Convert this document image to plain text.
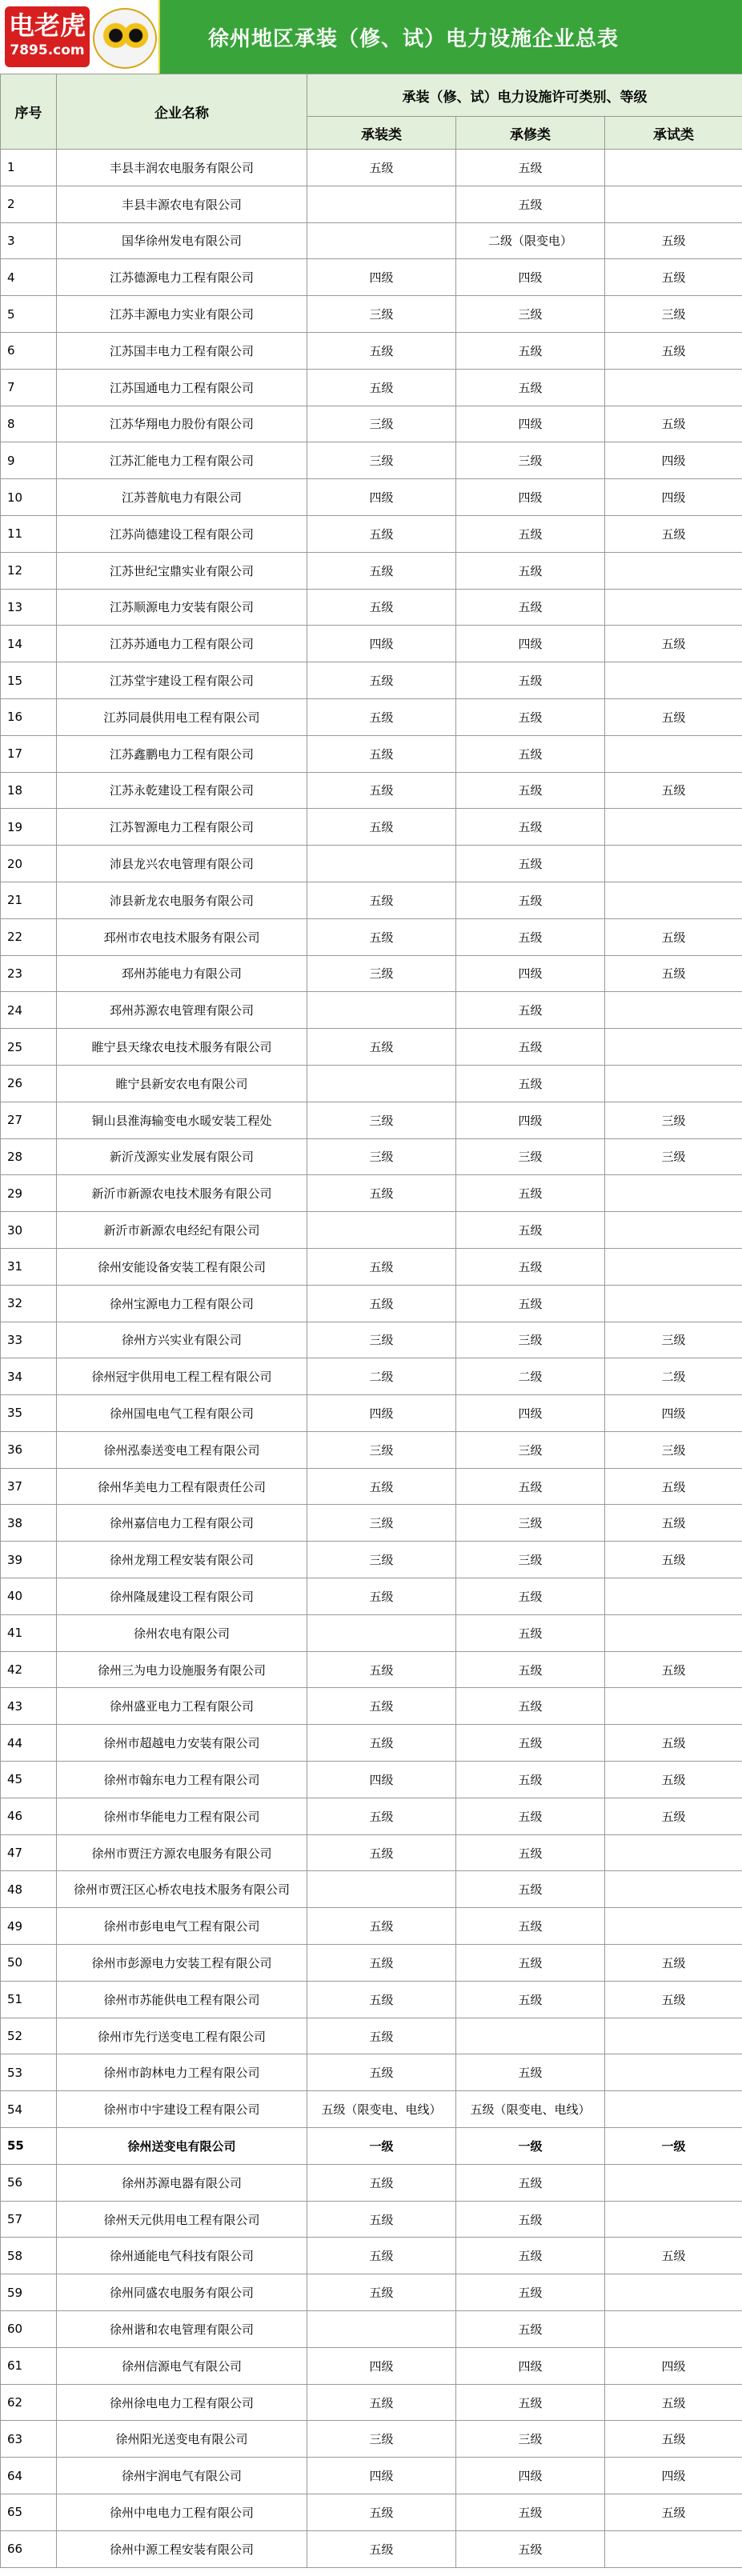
电老虎
7895.com	徐州地区承装（修、试）电力设施企业总表
序号	企业名称	承装（修、试）电力设施许可类别、等级		
		承装类	承修类	承试类
1	丰县丰润农电服务有限公司	五级	五级	
2	丰县丰源农电有限公司		五级	
3	国华徐州发电有限公司		二级（限变电）	五级
4	江苏德源电力工程有限公司	四级	四级	五级
5	江苏丰源电力实业有限公司	三级	三级	三级
6	江苏国丰电力工程有限公司	五级	五级	五级
7	江苏国通电力工程有限公司	五级	五级	
8	江苏华翔电力股份有限公司	三级	四级	五级
9	江苏汇能电力工程有限公司	三级	三级	四级
10	江苏普航电力有限公司	四级	四级	四级
11	江苏尚德建设工程有限公司	五级	五级	五级
12	江苏世纪宝鼎实业有限公司	五级	五级	
13	江苏顺源电力安装有限公司	五级	五级	
14	江苏苏通电力工程有限公司	四级	四级	五级
15	江苏堂宇建设工程有限公司	五级	五级	
16	江苏同晨供用电工程有限公司	五级	五级	五级
17	江苏鑫鹏电力工程有限公司	五级	五级	
18	江苏永乾建设工程有限公司	五级	五级	五级
19	江苏智源电力工程有限公司	五级	五级	
20	沛县龙兴农电管理有限公司		五级	
21	沛县新龙农电服务有限公司	五级	五级	
22	邳州市农电技术服务有限公司	五级	五级	五级
23	邳州苏能电力有限公司	三级	四级	五级
24	邳州苏源农电管理有限公司		五级	
25	睢宁县天缘农电技术服务有限公司	五级	五级	
26	睢宁县新安农电有限公司		五级	
27	铜山县淮海输变电水暖安装工程处	三级	四级	三级
28	新沂茂源实业发展有限公司	三级	三级	三级
29	新沂市新源农电技术服务有限公司	五级	五级	
30	新沂市新源农电经纪有限公司		五级	
31	徐州安能设备安装工程有限公司	五级	五级	
32	徐州宝源电力工程有限公司	五级	五级	
33	徐州方兴实业有限公司	三级	三级	三级
34	徐州冠宇供用电工程工程有限公司	二级	二级	二级
35	徐州国电电气工程有限公司	四级	四级	四级
36	徐州泓泰送变电工程有限公司	三级	三级	三级
37	徐州华美电力工程有限责任公司	五级	五级	五级
38	徐州嘉信电力工程有限公司	三级	三级	五级
39	徐州龙翔工程安装有限公司	三级	三级	五级
40	徐州隆晟建设工程有限公司	五级	五级	
41	徐州农电有限公司		五级	
42	徐州三为电力设施服务有限公司	五级	五级	五级
43	徐州盛亚电力工程有限公司	五级	五级	
44	徐州市超越电力安装有限公司	五级	五级	五级
45	徐州市翰东电力工程有限公司	四级	五级	五级
46	徐州市华能电力工程有限公司	五级	五级	五级
47	徐州市贾汪方源农电服务有限公司	五级	五级	
48	徐州市贾汪区心桥农电技术服务有限公司		五级	
49	徐州市彭电电气工程有限公司	五级	五级	
50	徐州市彭源电力安装工程有限公司	五级	五级	五级
51	徐州市苏能供电工程有限公司	五级	五级	五级
52	徐州市先行送变电工程有限公司	五级		
53	徐州市韵林电力工程有限公司	五级	五级	
54	徐州市中宇建设工程有限公司	五级（限变电、电线）	五级（限变电、电线）	
55	徐州送变电有限公司	一级	一级	一级
56	徐州苏源电器有限公司	五级	五级	
57	徐州天元供用电工程有限公司	五级	五级	
58	徐州通能电气科技有限公司	五级	五级	五级
59	徐州同盛农电服务有限公司	五级	五级	
60	徐州谐和农电管理有限公司		五级	
61	徐州信源电气有限公司	四级	四级	四级
62	徐州徐电电力工程有限公司	五级	五级	五级
63	徐州阳光送变电有限公司	三级	三级	五级
64	徐州宇润电气有限公司	四级	四级	四级
65	徐州中电电力工程有限公司	五级	五级	五级
66	徐州中源工程安装有限公司	五级	五级	
